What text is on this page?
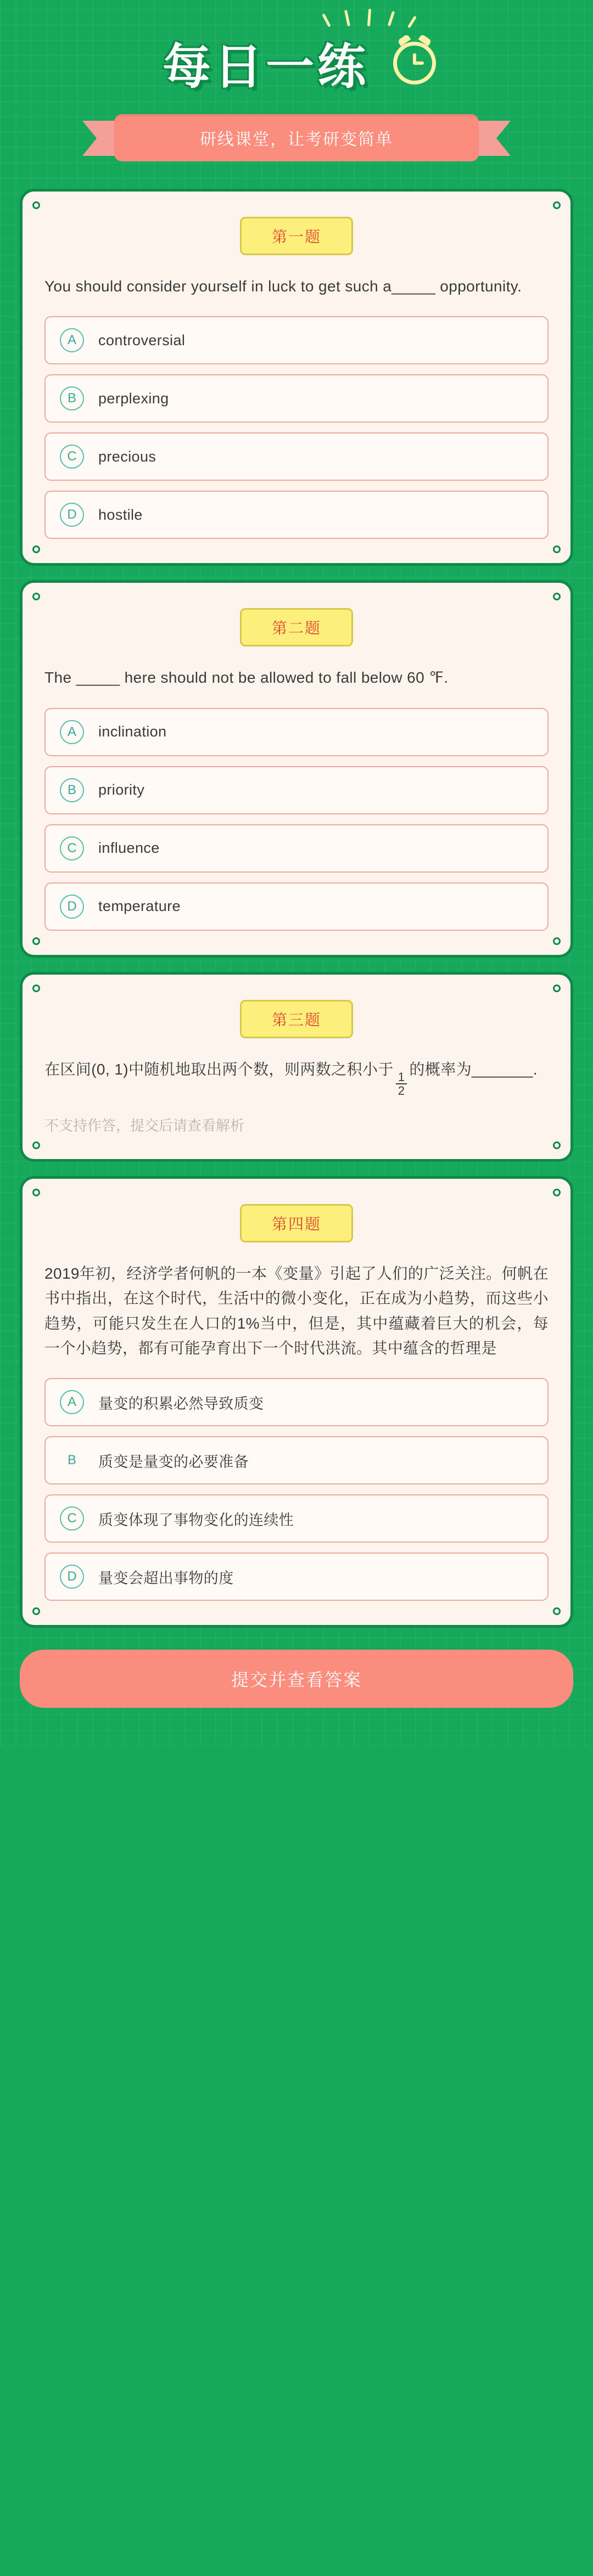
每日一练
研线课堂，让考研变简单
第一题
You should consider yourself in luck to get such a_____ opportunity.
A	controversial
B	perplexing
C	precious
D	hostile
第二题
The _____ here should not be allowed to fall below 60 ℉.
A	inclination
B	priority
C	influence
D	temperature
第三题
在区间(0, 1)中随机地取出两个数，则两数之积小于
$\frac{1}{2}$
的概率为_______.
不支持作答，提交后请查看解析
第四题
2019年初，经济学者何帆的一本《变量》引起了人们的广泛关注。何帆在书中指出，在这个时代，生活中的微小变化，正在成为小趋势，而这些小趋势，可能只发生在人口的1%当中，但是，其中蕴藏着巨大的机会，每一个小趋势，都有可能孕育出下一个时代洪流。其中蕴含的哲理是
A	量变的积累必然导致质变
B	质变是量变的必要准备
C	质变体现了事物变化的连续性
D	量变会超出事物的度
提交并查看答案
